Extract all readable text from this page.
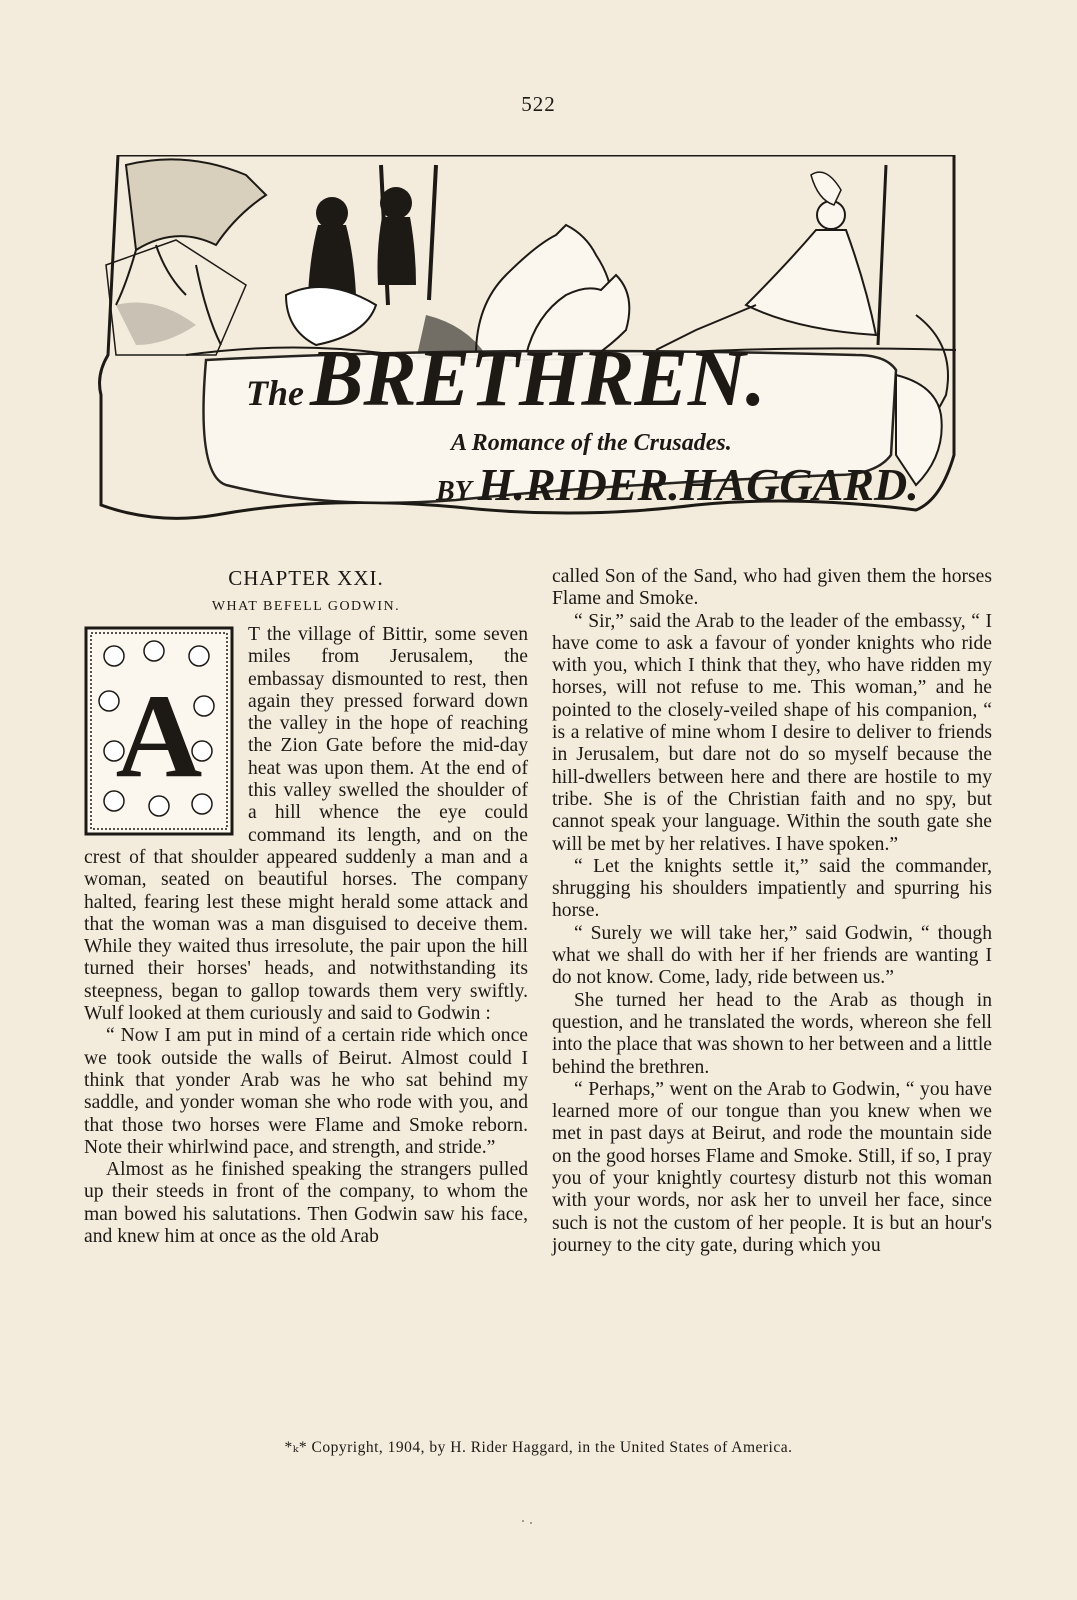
522
TheBRETHREN.
A Romance of the Crusades.
BY H.RIDER.HAGGARD.
CHAPTER XXI.
WHAT BEFELL GODWIN.
A

T the village of Bittir, some seven miles from Jerusalem, the embassay dismounted to rest, then again they pressed forward down the valley in the hope of reaching the Zion Gate before the mid-day heat was upon them. At the end of this valley swelled the shoulder of a hill whence the eye could command its length, and on the crest of that shoulder appeared suddenly a man and a woman, seated on beautiful horses. The company halted, fearing lest these might herald some attack and that the woman was a man disguised to deceive them. While they waited thus irresolute, the pair upon the hill turned their horses' heads, and notwithstanding its steepness, began to gallop towards them very swiftly. Wulf looked at them curiously and said to Godwin :

“ Now I am put in mind of a certain ride which once we took outside the walls of Beirut. Almost could I think that yonder Arab was he who sat behind my saddle, and yonder woman she who rode with you, and that those two horses were Flame and Smoke reborn. Note their whirlwind pace, and strength, and stride.”

Almost as he finished speaking the strangers pulled up their steeds in front of the company, to whom the man bowed his salutations. Then Godwin saw his face, and knew him at once as the old Arab

called Son of the Sand, who had given them the horses Flame and Smoke.

“ Sir,” said the Arab to the leader of the embassy, “ I have come to ask a favour of yonder knights who ride with you, which I think that they, who have ridden my horses, will not refuse to me. This woman,” and he pointed to the closely-veiled shape of his companion, “ is a relative of mine whom I desire to deliver to friends in Jerusalem, but dare not do so myself because the hill-dwellers between here and there are hostile to my tribe. She is of the Christian faith and no spy, but cannot speak your language. Within the south gate she will be met by her relatives. I have spoken.”

“ Let the knights settle it,” said the commander, shrugging his shoulders impatiently and spurring his horse.

“ Surely we will take her,” said Godwin, “ though what we shall do with her if her friends are wanting I do not know. Come, lady, ride between us.”

She turned her head to the Arab as though in question, and he translated the words, whereon she fell into the place that was shown to her between and a little behind the brethren.

“ Perhaps,” went on the Arab to Godwin, “ you have learned more of our tongue than you knew when we met in past days at Beirut, and rode the mountain side on the good horses Flame and Smoke. Still, if so, I pray you of your knightly courtesy disturb not this woman with your words, nor ask her to unveil her face, since such is not the custom of her people. It is but an hour's journey to the city gate, during which you

*ₖ* Copyright, 1904, by H. Rider Haggard, in the United States of America.
